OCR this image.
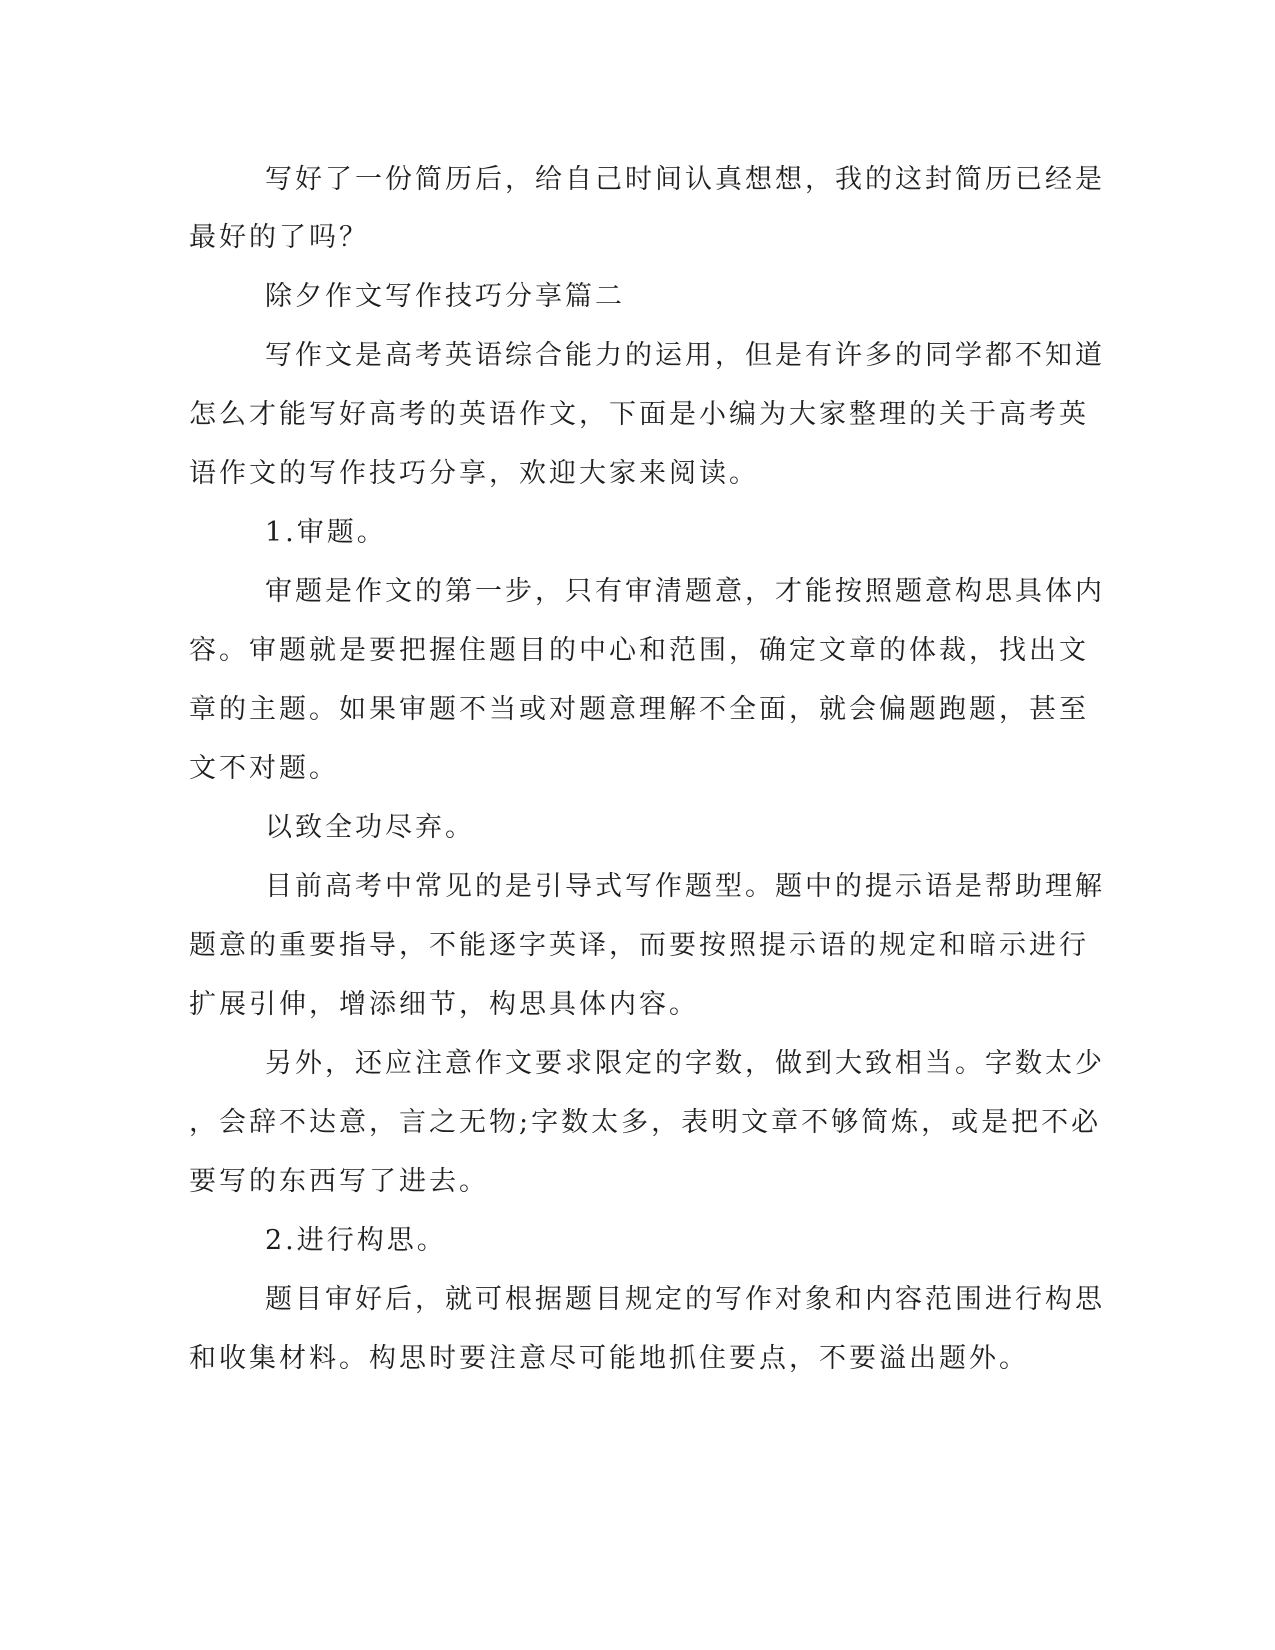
写好了一份简历后，给自己时间认真想想，我的这封简历已经是
最好的了吗？
除夕作文写作技巧分享篇二
写作文是高考英语综合能力的运用，但是有许多的同学都不知道
怎么才能写好高考的英语作文，下面是小编为大家整理的关于高考英
语作文的写作技巧分享，欢迎大家来阅读。
1.审题。
审题是作文的第一步，只有审清题意，才能按照题意构思具体内
容。审题就是要把握住题目的中心和范围，确定文章的体裁，找出文
章的主题。如果审题不当或对题意理解不全面，就会偏题跑题，甚至
文不对题。
以致全功尽弃。
目前高考中常见的是引导式写作题型。题中的提示语是帮助理解
题意的重要指导，不能逐字英译，而要按照提示语的规定和暗示进行
扩展引伸，增添细节，构思具体内容。
另外，还应注意作文要求限定的字数，做到大致相当。字数太少
，会辞不达意，言之无物;字数太多，表明文章不够简炼，或是把不必
要写的东西写了进去。
2.进行构思。
题目审好后，就可根据题目规定的写作对象和内容范围进行构思
和收集材料。构思时要注意尽可能地抓住要点，不要溢出题外。
